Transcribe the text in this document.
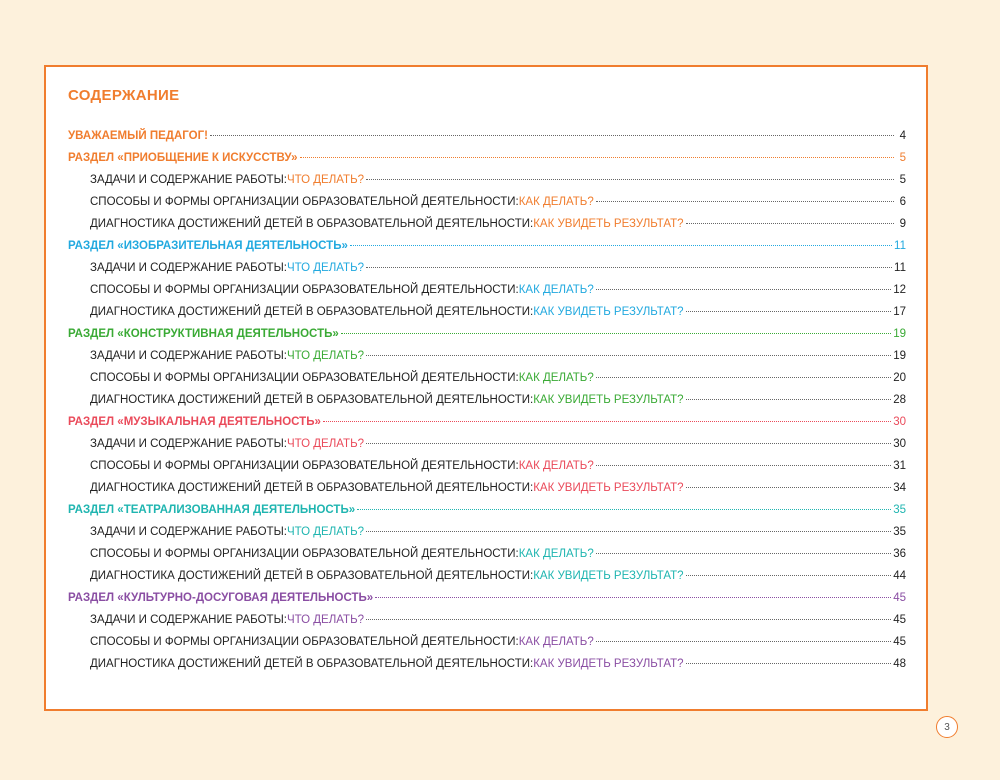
СОДЕРЖАНИЕ
УВАЖАЕМЫЙ ПЕДАГОГ!	4
РАЗДЕЛ «ПРИОБЩЕНИЕ К ИСКУССТВУ»	5
ЗАДАЧИ И СОДЕРЖАНИЕ РАБОТЫ: ЧТО ДЕЛАТЬ?	5
СПОСОБЫ И ФОРМЫ ОРГАНИЗАЦИИ ОБРАЗОВАТЕЛЬНОЙ ДЕЯТЕЛЬНОСТИ: КАК ДЕЛАТЬ?	6
ДИАГНОСТИКА ДОСТИЖЕНИЙ ДЕТЕЙ В ОБРАЗОВАТЕЛЬНОЙ ДЕЯТЕЛЬНОСТИ: КАК УВИДЕТЬ РЕЗУЛЬТАТ?	9
РАЗДЕЛ «ИЗОБРАЗИТЕЛЬНАЯ ДЕЯТЕЛЬНОСТЬ»	11
ЗАДАЧИ И СОДЕРЖАНИЕ РАБОТЫ: ЧТО ДЕЛАТЬ?	11
СПОСОБЫ И ФОРМЫ ОРГАНИЗАЦИИ ОБРАЗОВАТЕЛЬНОЙ ДЕЯТЕЛЬНОСТИ: КАК ДЕЛАТЬ?	12
ДИАГНОСТИКА ДОСТИЖЕНИЙ ДЕТЕЙ В ОБРАЗОВАТЕЛЬНОЙ ДЕЯТЕЛЬНОСТИ: КАК УВИДЕТЬ РЕЗУЛЬТАТ?	17
РАЗДЕЛ «КОНСТРУКТИВНАЯ ДЕЯТЕЛЬНОСТЬ»	19
ЗАДАЧИ И СОДЕРЖАНИЕ РАБОТЫ: ЧТО ДЕЛАТЬ?	19
СПОСОБЫ И ФОРМЫ ОРГАНИЗАЦИИ ОБРАЗОВАТЕЛЬНОЙ ДЕЯТЕЛЬНОСТИ: КАК ДЕЛАТЬ?	20
ДИАГНОСТИКА ДОСТИЖЕНИЙ ДЕТЕЙ В ОБРАЗОВАТЕЛЬНОЙ ДЕЯТЕЛЬНОСТИ: КАК УВИДЕТЬ РЕЗУЛЬТАТ?	28
РАЗДЕЛ «МУЗЫКАЛЬНАЯ ДЕЯТЕЛЬНОСТЬ»	30
ЗАДАЧИ И СОДЕРЖАНИЕ РАБОТЫ: ЧТО ДЕЛАТЬ?	30
СПОСОБЫ И ФОРМЫ ОРГАНИЗАЦИИ ОБРАЗОВАТЕЛЬНОЙ ДЕЯТЕЛЬНОСТИ: КАК ДЕЛАТЬ?	31
ДИАГНОСТИКА ДОСТИЖЕНИЙ ДЕТЕЙ В ОБРАЗОВАТЕЛЬНОЙ ДЕЯТЕЛЬНОСТИ: КАК УВИДЕТЬ РЕЗУЛЬТАТ?	34
РАЗДЕЛ «ТЕАТРАЛИЗОВАННАЯ ДЕЯТЕЛЬНОСТЬ»	35
ЗАДАЧИ И СОДЕРЖАНИЕ РАБОТЫ: ЧТО ДЕЛАТЬ?	35
СПОСОБЫ И ФОРМЫ ОРГАНИЗАЦИИ ОБРАЗОВАТЕЛЬНОЙ ДЕЯТЕЛЬНОСТИ: КАК ДЕЛАТЬ?	36
ДИАГНОСТИКА ДОСТИЖЕНИЙ ДЕТЕЙ В ОБРАЗОВАТЕЛЬНОЙ ДЕЯТЕЛЬНОСТИ: КАК УВИДЕТЬ РЕЗУЛЬТАТ?	44
РАЗДЕЛ «КУЛЬТУРНО-ДОСУГОВАЯ ДЕЯТЕЛЬНОСТЬ»	45
ЗАДАЧИ И СОДЕРЖАНИЕ РАБОТЫ: ЧТО ДЕЛАТЬ?	45
СПОСОБЫ И ФОРМЫ ОРГАНИЗАЦИИ ОБРАЗОВАТЕЛЬНОЙ ДЕЯТЕЛЬНОСТИ: КАК ДЕЛАТЬ?	45
ДИАГНОСТИКА ДОСТИЖЕНИЙ ДЕТЕЙ В ОБРАЗОВАТЕЛЬНОЙ ДЕЯТЕЛЬНОСТИ: КАК УВИДЕТЬ РЕЗУЛЬТАТ?	48
3
